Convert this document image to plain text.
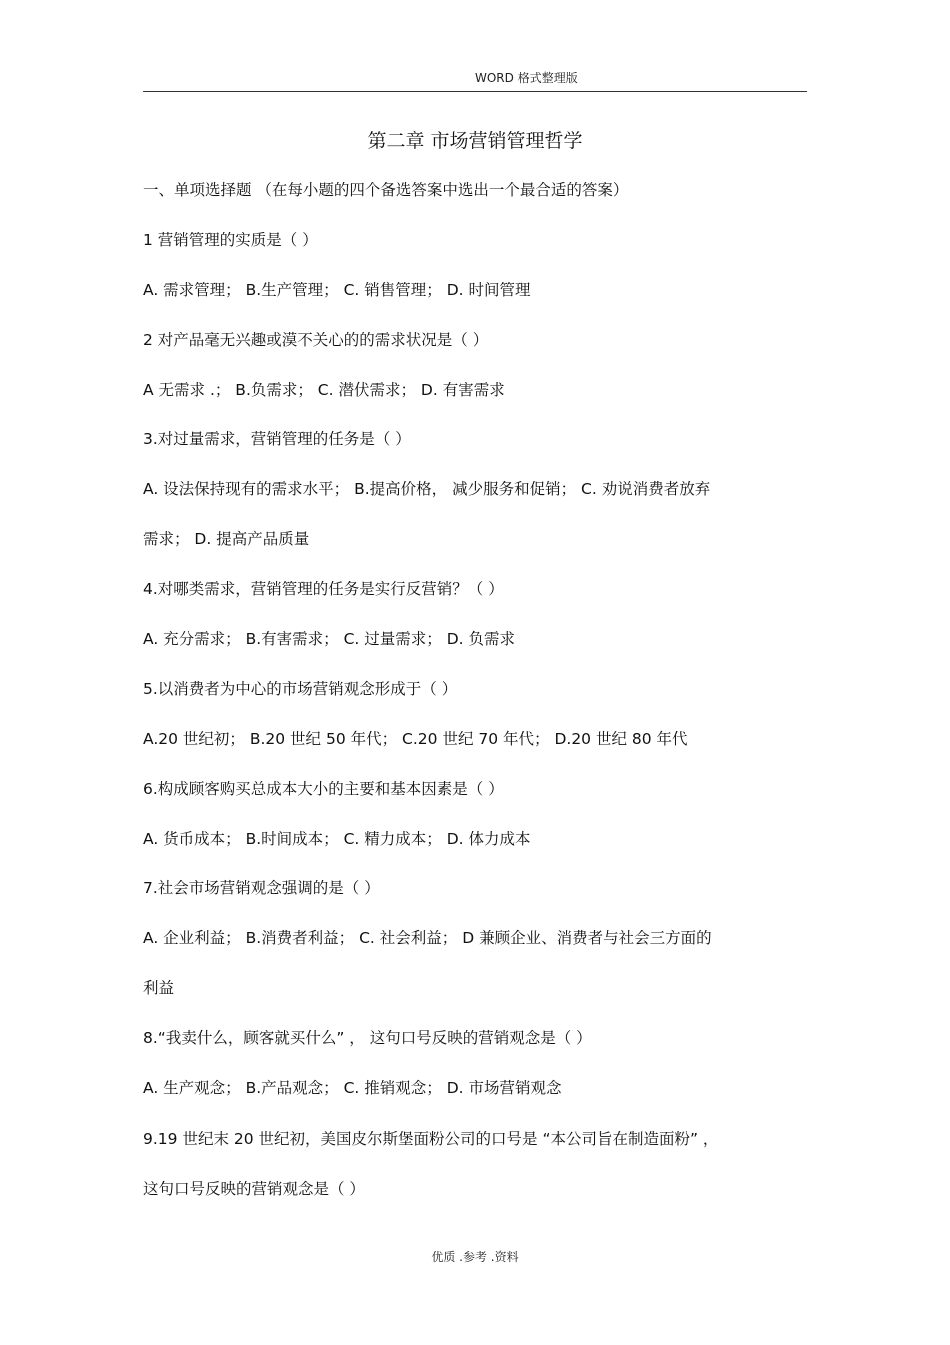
WORD 格式整理版
第二章 市场营销管理哲学
一、单项选择题 （在每小题的四个备选答案中选出一个最合适的答案）
1 营销管理的实质是（ ）
A. 需求管理； B.生产管理； C. 销售管理； D. 时间管理
2 对产品毫无兴趣或漠不关心的的需求状况是（ ）
A 无需求 .； B.负需求； C. 潜伏需求； D. 有害需求
3.对过量需求，营销管理的任务是（ ）
A. 设法保持现有的需求水平； B.提高价格， 减少服务和促销； C. 劝说消费者放弃
需求； D. 提高产品质量
4.对哪类需求，营销管理的任务是实行反营销？（ ）
A. 充分需求； B.有害需求； C. 过量需求； D. 负需求
5.以消费者为中心的市场营销观念形成于（ ）
A.20 世纪初； B.20 世纪 50 年代； C.20 世纪 70 年代； D.20 世纪 80 年代
6.构成顾客购买总成本大小的主要和基本因素是（ ）
A. 货币成本； B.时间成本； C. 精力成本； D. 体力成本
7.社会市场营销观念强调的是（ ）
A. 企业利益； B.消费者利益； C. 社会利益； D 兼顾企业、消费者与社会三方面的
利益
8.“我卖什么，顾客就买什么” ， 这句口号反映的营销观念是（ ）
A. 生产观念； B.产品观念； C. 推销观念； D. 市场营销观念
9.19 世纪末 20 世纪初，美国皮尔斯堡面粉公司的口号是 “本公司旨在制造面粉” ，
这句口号反映的营销观念是（ ）
优质 .参考 .资料
